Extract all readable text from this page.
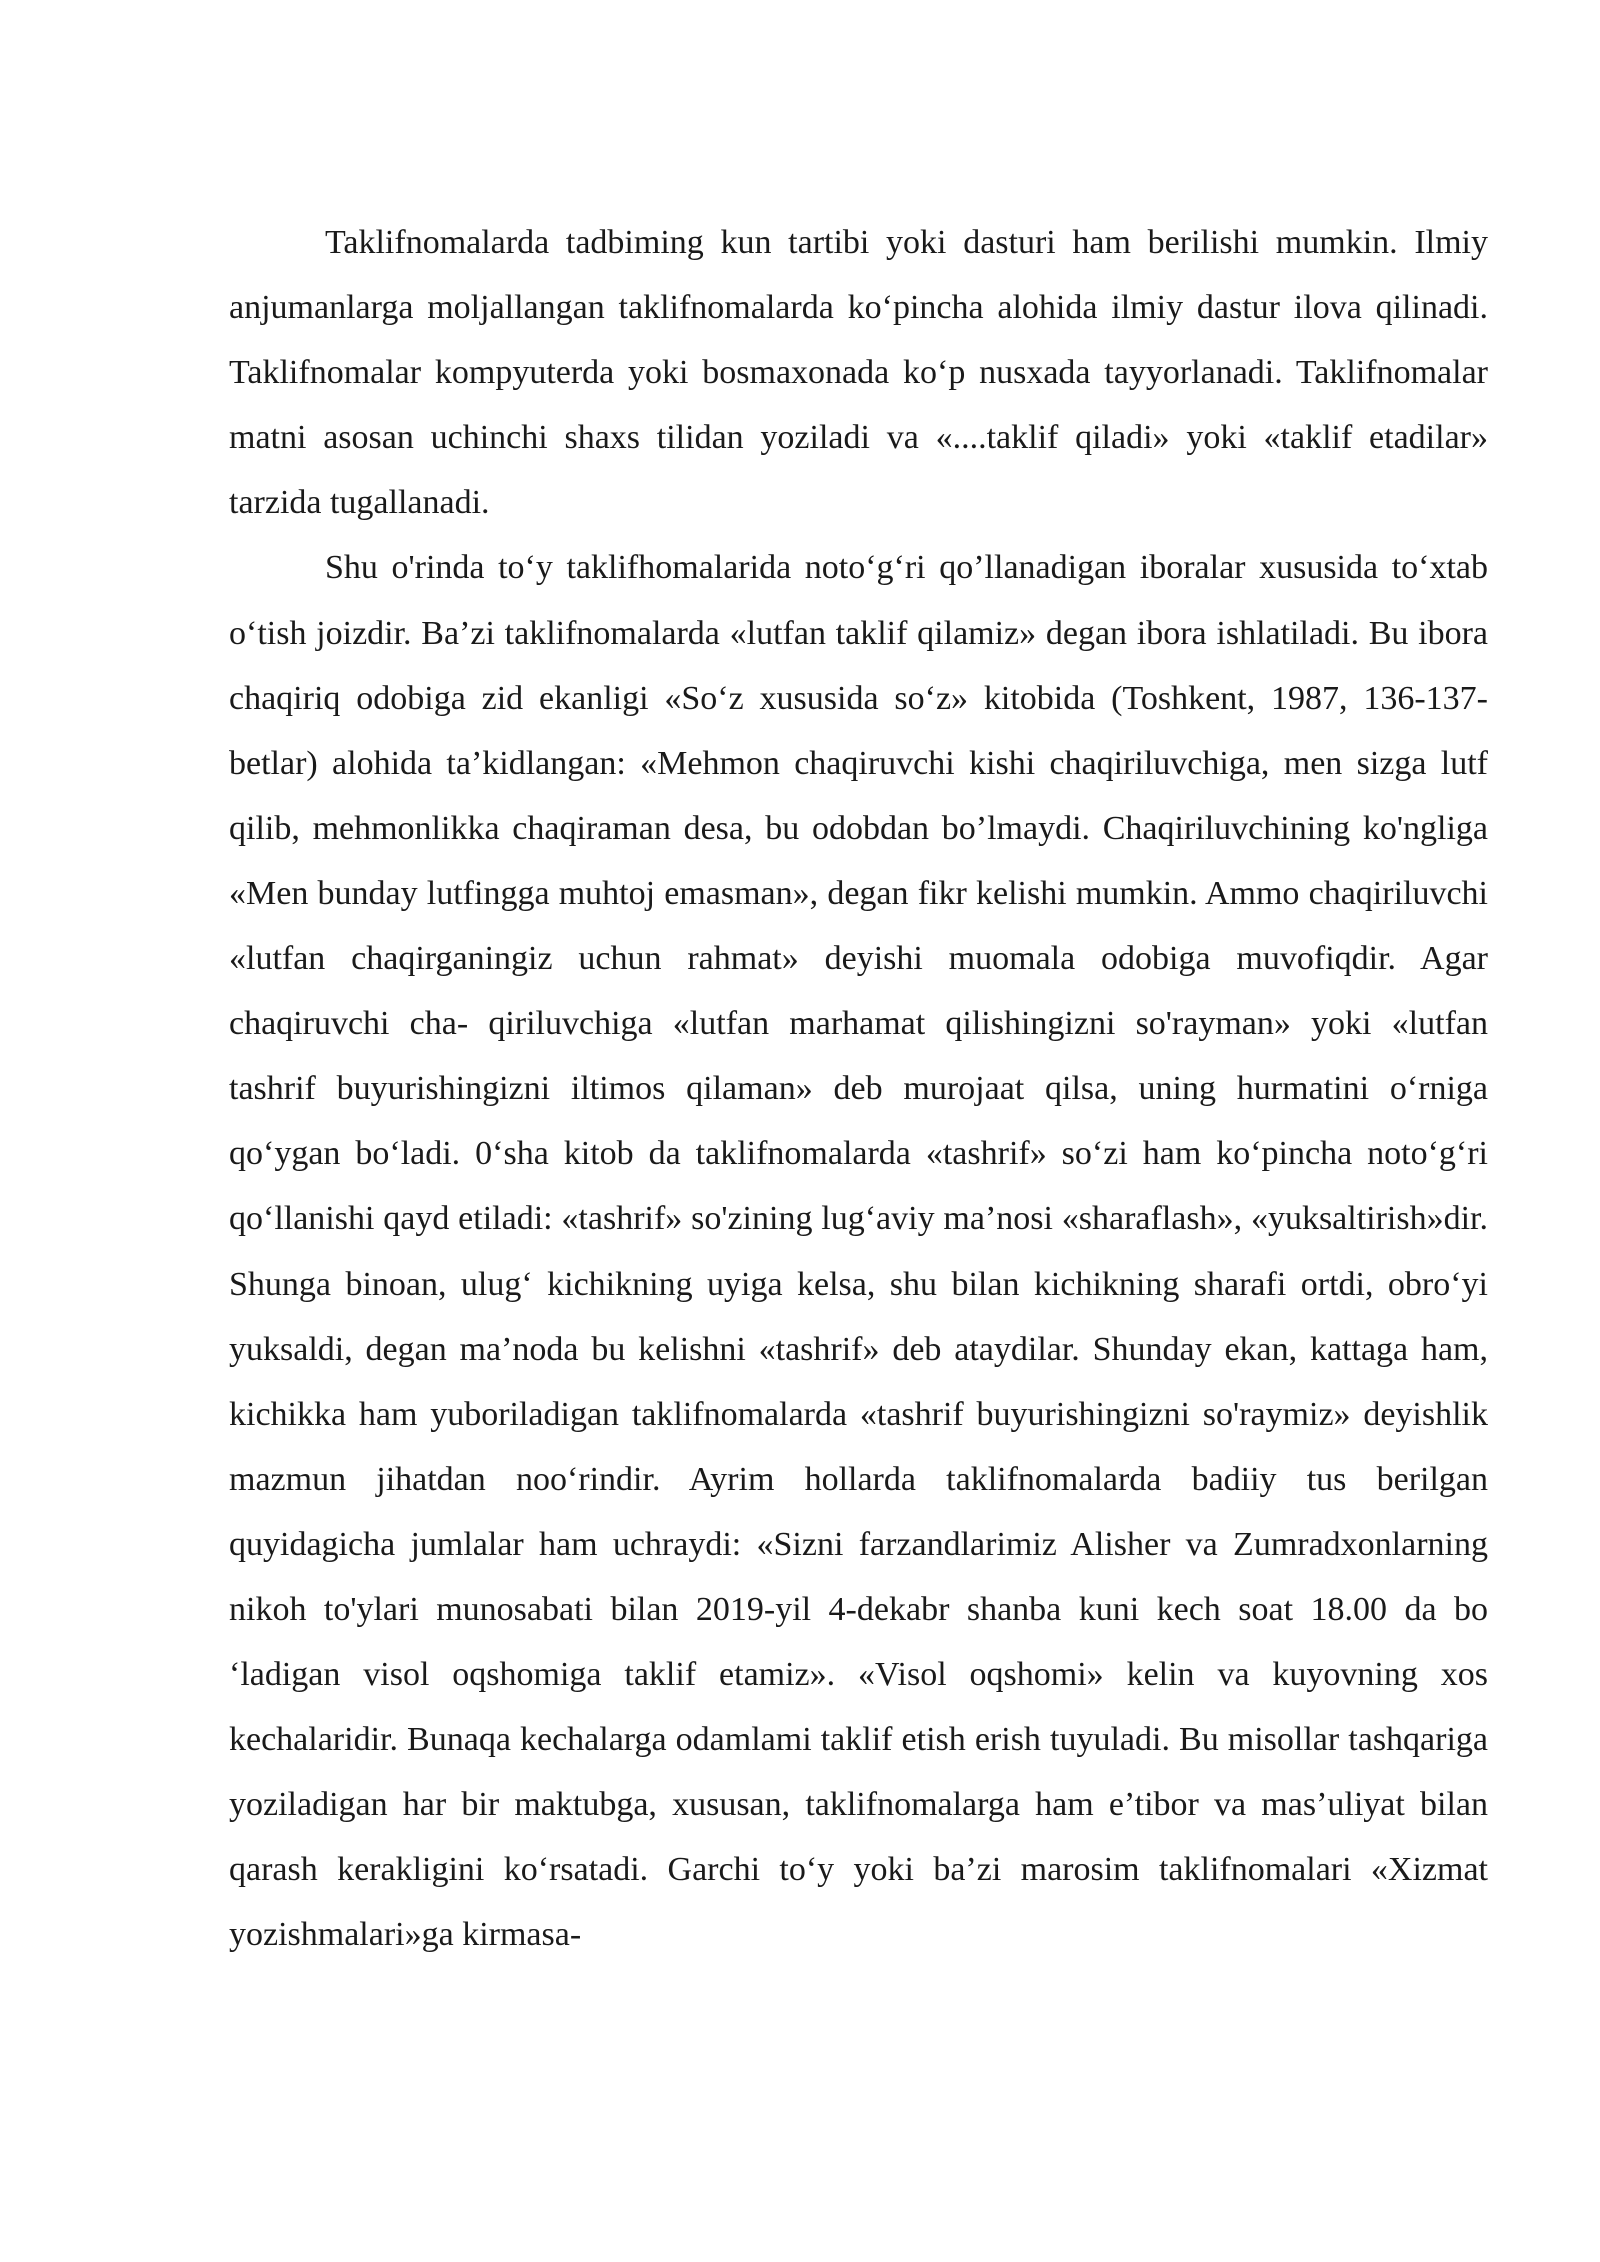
Taklifnomalarda tadbiming kun tartibi yoki dasturi ham berilishi mumkin. Ilmiy anjumanlarga moljallangan taklifnomalarda ko‘pincha alohida ilmiy dastur ilova qilinadi. Taklifnomalar kompyuterda yoki bosmaxonada ko‘p nusxada tayyorlanadi. Taklifnomalar matni asosan uchinchi shaxs tilidan yoziladi va «....taklif qiladi» yoki «taklif etadilar» tarzida tugallanadi.

Shu o'rinda to‘y taklifhomalarida noto‘g‘ri qo’llanadigan iboralar xususida to‘xtab o‘tish joizdir. Ba’zi taklifnomalarda «lutfan taklif qilamiz» degan ibora ishlatiladi. Bu ibora chaqiriq odobiga zid ekanligi «So‘z xususida so‘z» kitobida (Toshkent, 1987, 136-137-betlar) alohida ta’kidlangan: «Mehmon chaqiruvchi kishi chaqiriluvchiga, men sizga lutf qilib, mehmonlikka chaqiraman desa, bu odobdan bo’lmaydi. Chaqiriluvchining ko'ngliga «Men bunday lutfingga muhtoj emasman», degan fikr kelishi mumkin. Ammo chaqiriluvchi «lutfan chaqirganingiz uchun rahmat» deyishi muomala odobiga muvofiqdir. Agar chaqiruvchi cha- qiriluvchiga «lutfan marhamat qilishingizni so'rayman» yoki «lutfan tashrif buyurishingizni iltimos qilaman» deb murojaat qilsa, uning hurmatini o‘rniga qo‘ygan bo‘ladi. 0‘sha kitob da taklifnomalarda «tashrif» so‘zi ham ko‘pincha noto‘g‘ri qo‘llanishi qayd etiladi: «tashrif» so'zining lug‘aviy ma’nosi «sharaflash», «yuksaltirish»dir. Shunga binoan, ulug‘ kichikning uyiga kelsa, shu bilan kichikning sharafi ortdi, obro‘yi yuksaldi, degan ma’noda bu kelishni «tashrif» deb ataydilar. Shunday ekan, kattaga ham, kichikka ham yuboriladigan taklifnomalarda «tashrif buyurishingizni so'raymiz» deyishlik mazmun jihatdan noo‘rindir. Ayrim hollarda taklifnomalarda badiiy tus berilgan quyidagicha jumlalar ham uchraydi: «Sizni farzandlarimiz Alisher va Zumradxonlarning nikoh to'ylari munosabati bilan 2019-yil 4-dekabr shanba kuni kech soat 18.00 da bo ‘ladigan visol oqshomiga taklif etamiz». «Visol oqshomi» kelin va kuyovning xos kechalaridir. Bunaqa kechalarga odamlami taklif etish erish tuyuladi. Bu misollar tashqariga yoziladigan har bir maktubga, xususan, taklifnomalarga ham e’tibor va mas’uliyat bilan qarash kerakligini ko‘rsatadi. Garchi to‘y yoki ba’zi marosim taklifnomalari «Xizmat yozishmalari»ga kirmasa-
